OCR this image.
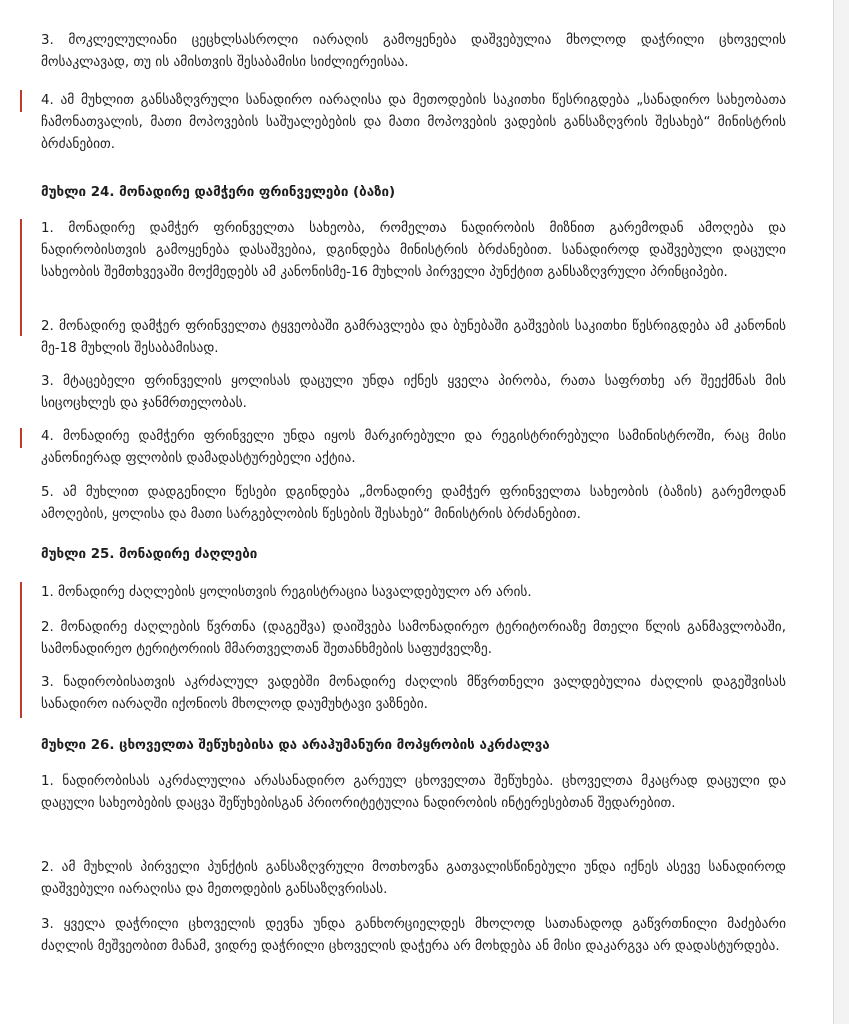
3. მოკლელულიანი ცეცხლსასროლი იარაღის გამოყენება დაშვებულია მხოლოდ დაჭრილი ცხოველის მოსაკლავად, თუ ის ამისთვის შესაბამისი სიძლიერეისაა.

4. ამ მუხლით განსაზღვრული სანადირო იარაღისა და მეთოდების საკითხი წესრიგდება „სანადირო სახეობათა ჩამონათვალის, მათი მოპოვების საშუალებების და მათი მოპოვების ვადების განსაზღვრის შესახებ“ მინისტრის ბრძანებით.

მუხლი 24. მონადირე დამჭერი ფრინველები (ბაზი)

1. მონადირე დამჭერ ფრინველთა სახეობა, რომელთა ნადირობის მიზნით გარემოდან ამოღება და ნადირობისთვის გამოყენება დასაშვებია, დგინდება მინისტრის ბრძანებით. სანადიროდ დაშვებული დაცული სახეობის შემთხვევაში მოქმედებს ამ კანონისმე-16 მუხლის პირველი პუნქტით განსაზღვრული პრინციპები.

2. მონადირე დამჭერ ფრინველთა ტყვეობაში გამრავლება და ბუნებაში გაშვების საკითხი წესრიგდება ამ კანონის მე-18 მუხლის შესაბამისად.

3. მტაცებელი ფრინველის ყოლისას დაცული უნდა იქნეს ყველა პირობა, რათა საფრთხე არ შეექმნას მის სიცოცხლეს და ჯანმრთელობას.

4. მონადირე დამჭერი ფრინველი უნდა იყოს მარკირებული და რეგისტრირებული სამინისტროში, რაც მისი კანონიერად ფლობის დამადასტურებელი აქტია.

5. ამ მუხლით დადგენილი წესები დგინდება „მონადირე დამჭერ ფრინველთა სახეობის (ბაზის) გარემოდან ამოღების, ყოლისა და მათი სარგებლობის წესების შესახებ“ მინისტრის ბრძანებით.

მუხლი 25. მონადირე ძაღლები

1. მონადირე ძაღლების ყოლისთვის რეგისტრაცია სავალდებულო არ არის.

2. მონადირე ძაღლების წვრთნა (დაგეშვა) დაიშვება სამონადირეო ტერიტორიაზე მთელი წლის განმავლობაში, სამონადირეო ტერიტორიის მმართველთან შეთანხმების საფუძველზე.

3. ნადირობისათვის აკრძალულ ვადებში მონადირე ძაღლის მწვრთნელი ვალდებულია ძაღლის დაგეშვისას სანადირო იარაღში იქონიოს მხოლოდ დაუმუხტავი ვაზნები.

მუხლი 26. ცხოველთა შეწუხებისა და არაჰუმანური მოპყრობის აკრძალვა

1. ნადირობისას აკრძალულია არასანადირო გარეულ ცხოველთა შეწუხება. ცხოველთა მკაცრად დაცული და დაცული სახეობების დაცვა შეწუხებისგან პრიორიტეტულია ნადირობის ინტერესებთან შედარებით.

2. ამ მუხლის პირველი პუნქტის განსაზღვრული მოთხოვნა გათვალისწინებული უნდა იქნეს ასევე სანადიროდ დაშვებული იარაღისა და მეთოდების განსაზღვრისას.

3. ყველა დაჭრილი ცხოველის დევნა უნდა განხორციელდეს მხოლოდ სათანადოდ გაწვრთნილი მაძებარი ძაღლის მეშვეობით მანამ, ვიდრე დაჭრილი ცხოველის დაჭერა არ მოხდება ან მისი დაკარგვა არ დადასტურდება.
